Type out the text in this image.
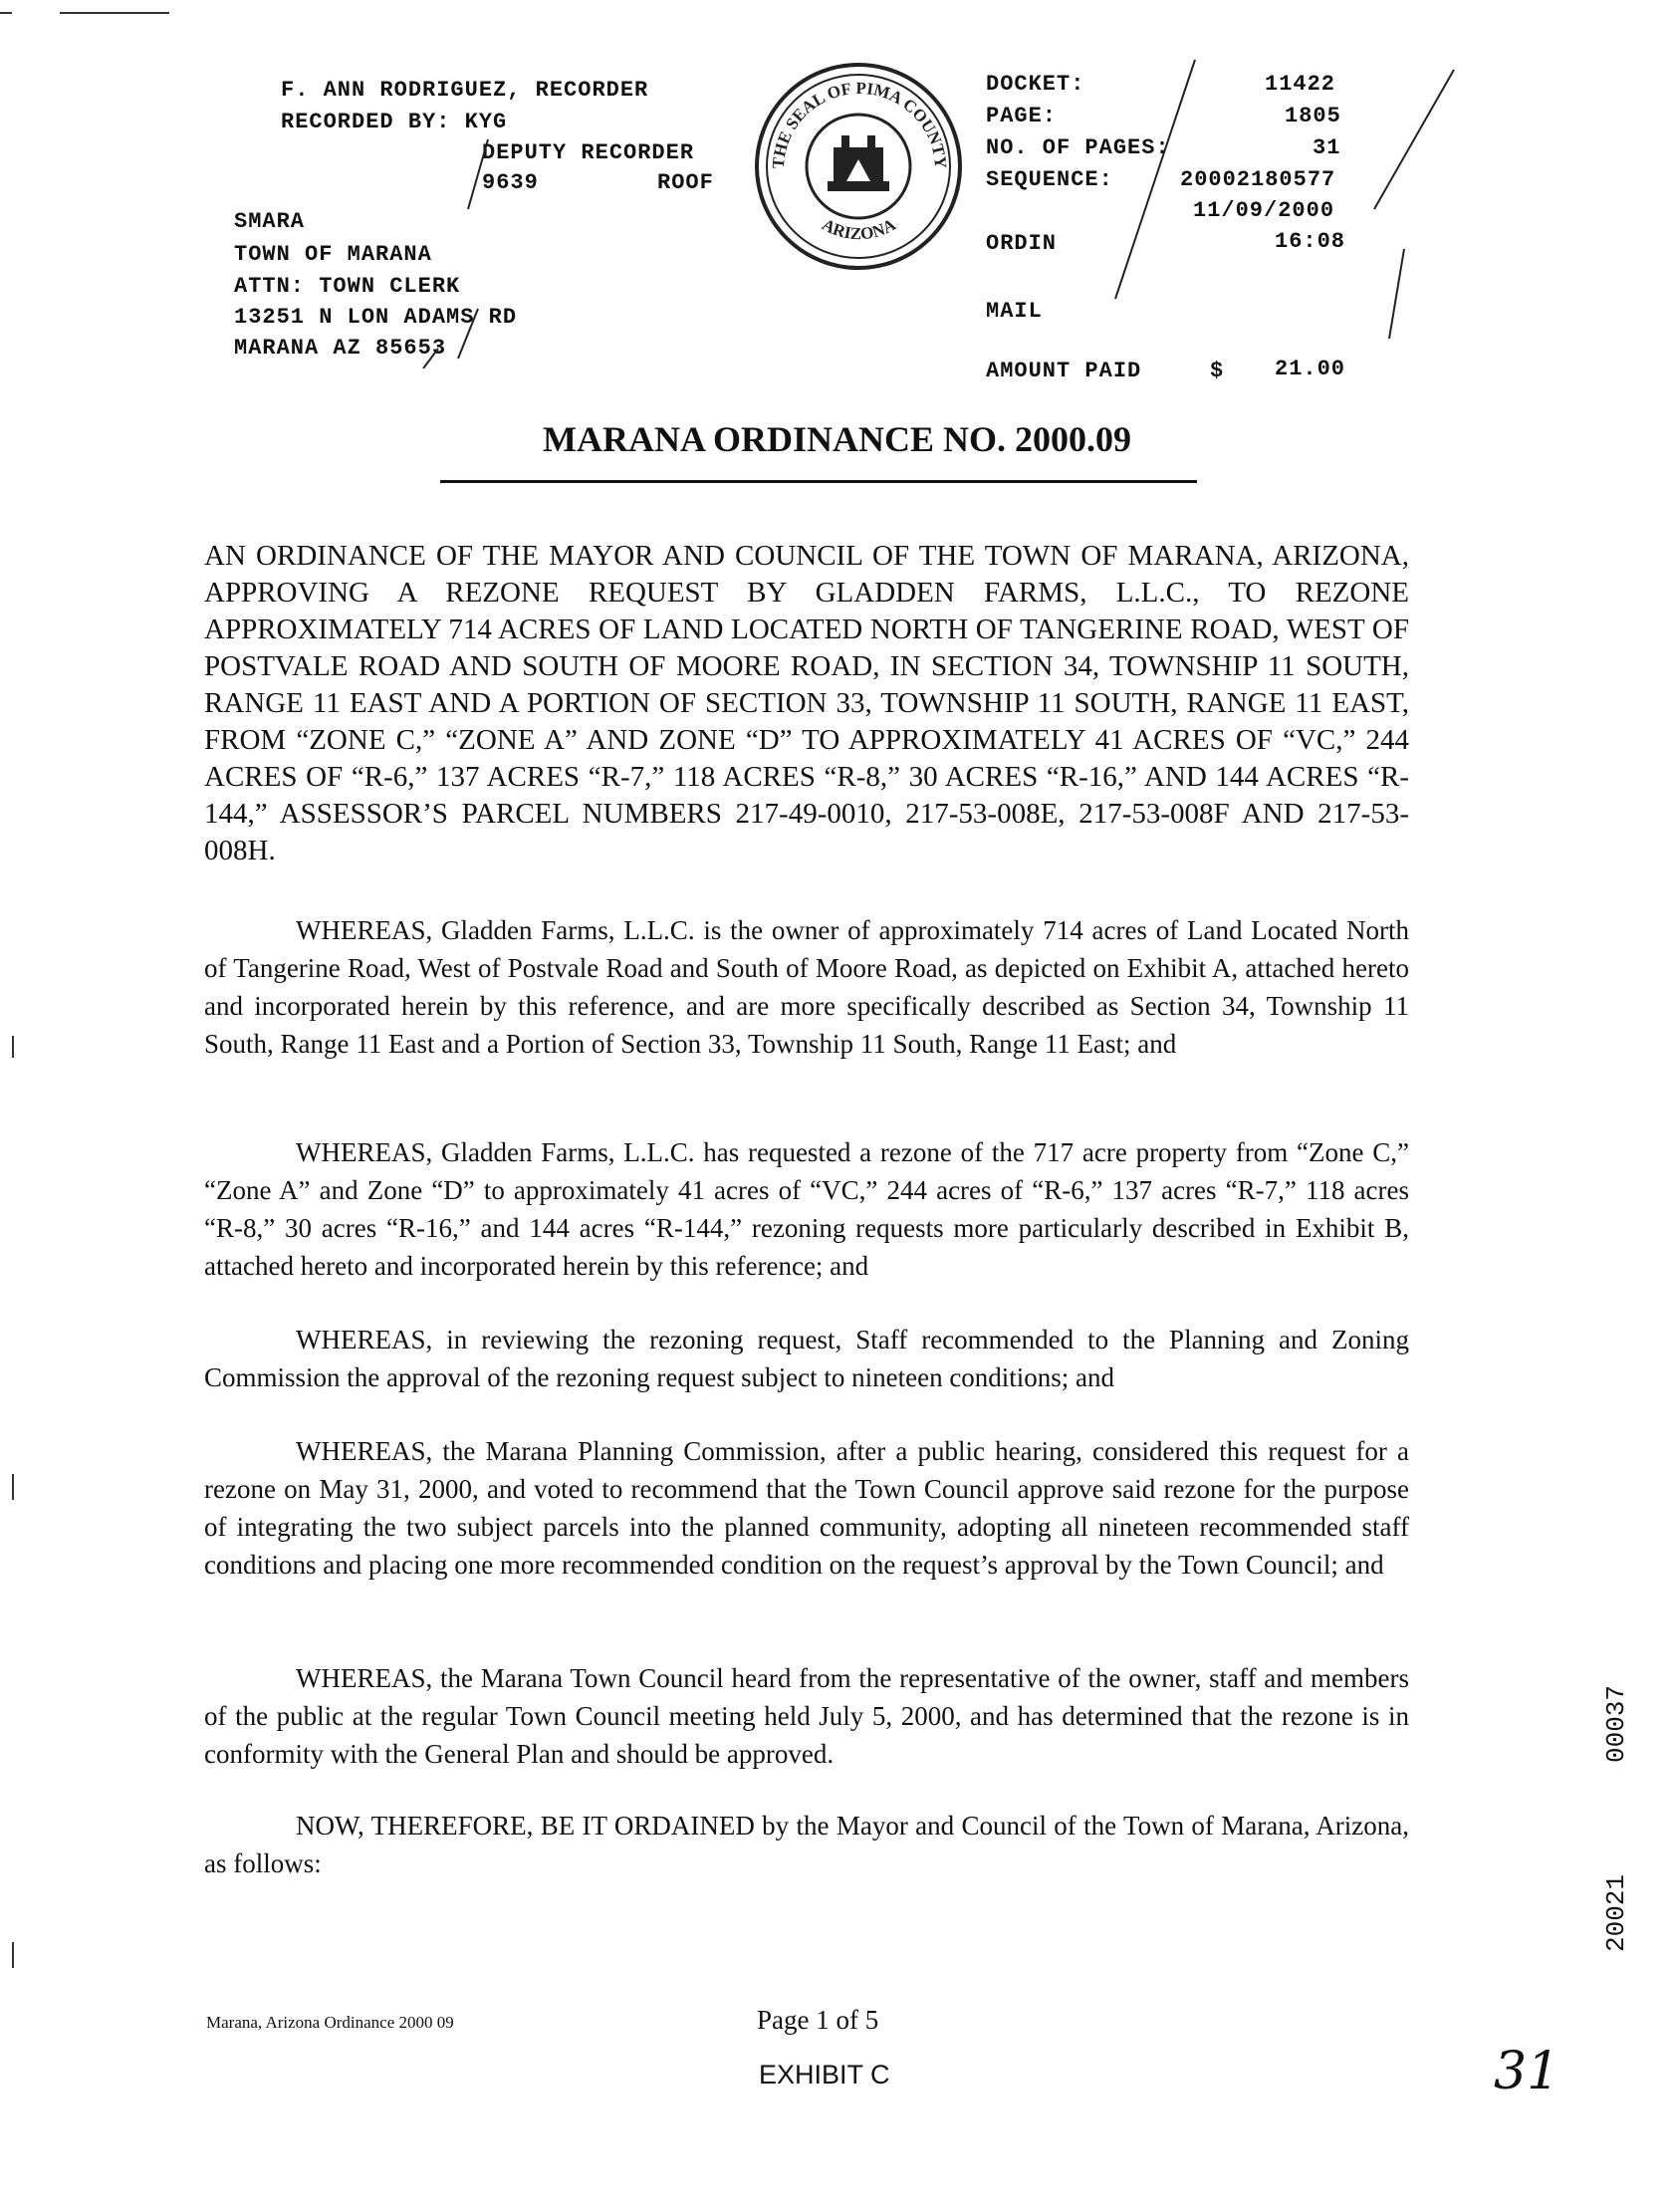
F. ANN RODRIGUEZ, RECORDER
RECORDED BY: KYG
DEPUTY RECORDER
9639	ROOF
SMARA
TOWN OF MARANA
ATTN: TOWN CLERK
13251 N LON ADAMS RD
MARANA AZ 85653
THE SEAL OF PIMA COUNTY
ARIZONA
DOCKET:	11422
PAGE:	1805
NO. OF PAGES:	31
SEQUENCE:	20002180577
11/09/2000
ORDIN	16:08
MAIL
AMOUNT PAID	$ 21.00
MARANA ORDINANCE NO. 2000.09
AN ORDINANCE OF THE MAYOR AND COUNCIL OF THE TOWN OF MARANA, ARIZONA, APPROVING A REZONE REQUEST BY GLADDEN FARMS, L.L.C., TO REZONE APPROXIMATELY 714 ACRES OF LAND LOCATED NORTH OF TANGERINE ROAD, WEST OF POSTVALE ROAD AND SOUTH OF MOORE ROAD, IN SECTION 34, TOWNSHIP 11 SOUTH, RANGE 11 EAST AND A PORTION OF SECTION 33, TOWNSHIP 11 SOUTH, RANGE 11 EAST, FROM “ZONE C,” “ZONE A” AND ZONE “D” TO APPROXIMATELY 41 ACRES OF “VC,” 244 ACRES OF “R-6,” 137 ACRES “R-7,” 118 ACRES “R-8,” 30 ACRES “R-16,” AND 144 ACRES “R-144,” ASSESSOR’S PARCEL NUMBERS 217-49-0010, 217-53-008E, 217-53-008F AND 217-53-008H.
WHEREAS, Gladden Farms, L.L.C. is the owner of approximately 714 acres of Land Located North of Tangerine Road, West of Postvale Road and South of Moore Road, as depicted on Exhibit A, attached hereto and incorporated herein by this reference, and are more specifically described as Section 34, Township 11 South, Range 11 East and a Portion of Section 33, Township 11 South, Range 11 East; and
WHEREAS, Gladden Farms, L.L.C. has requested a rezone of the 717 acre property from “Zone C,” “Zone A” and Zone “D” to approximately 41 acres of “VC,” 244 acres of “R-6,” 137 acres “R-7,” 118 acres “R-8,” 30 acres “R-16,” and 144 acres “R-144,” rezoning requests more particularly described in Exhibit B, attached hereto and incorporated herein by this reference; and
WHEREAS, in reviewing the rezoning request, Staff recommended to the Planning and Zoning Commission the approval of the rezoning request subject to nineteen conditions; and
WHEREAS, the Marana Planning Commission, after a public hearing, considered this request for a rezone on May 31, 2000, and voted to recommend that the Town Council approve said rezone for the purpose of integrating the two subject parcels into the planned community, adopting all nineteen recommended staff conditions and placing one more recommended condition on the request’s approval by the Town Council; and
WHEREAS, the Marana Town Council heard from the representative of the owner, staff and members of the public at the regular Town Council meeting held July 5, 2000, and has determined that the rezone is in conformity with the General Plan and should be approved.
NOW, THEREFORE, BE IT ORDAINED by the Mayor and Council of the Town of Marana, Arizona, as follows:
00037
20021
Marana, Arizona Ordinance 2000 09	Page 1 of 5
EXHIBIT C	31
